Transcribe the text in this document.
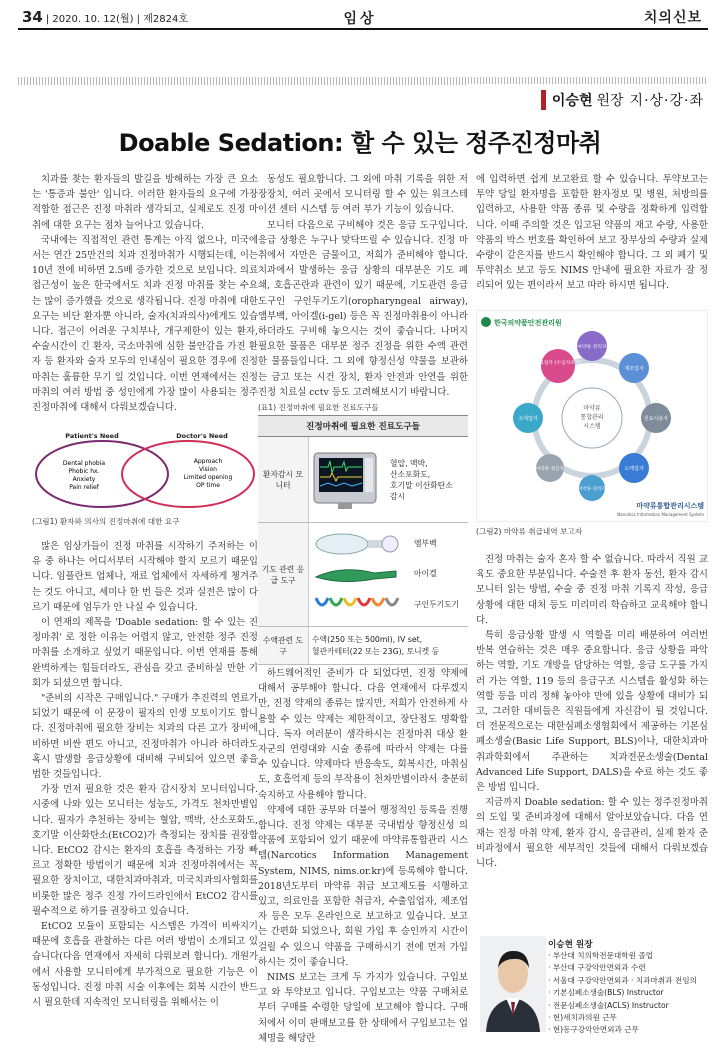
34 | 2020. 10. 12(월) | 제2824호	임상	치의신보
이승현 원장 지·상·강·좌
Doable Sedation: 할 수 있는 정주진정마취

치과를 찾는 환자들의 발길을 방해하는 가장 큰 요소는 '통증과 불안' 입니다. 이러한 환자들의 요구에 가장 적합한 접근은 진정 마취라 생각되고, 실제로도 진정 마취에 대한 요구는 점차 늘어나고 있습니다.

국내에는 직접적인 관련 통계는 아직 없으나, 미국에서는 연간 25만건의 치과 진정마취가 시행되는데, 이는 10년 전에 비하면 2.5배 증가한 것으로 보입니다. 의료 접근성이 높은 한국에서도 치과 진정 마취를 찾는 수요는 많이 증가했을 것으로 생각됩니다. 진정 마취에 대한 요구는 비단 환자뿐 아니라, 술자(치과의사)에게도 있습니다. 접근이 어려운 구치부나, 개구제한이 있는 환자, 수술시간이 긴 환자, 국소마취에 심한 불안감을 가진 환자 등 환자와 술자 모두의 인내심이 필요한 경우에 진정마취는 훌륭한 무기 일 것입니다. 이번 연재에서는 진정 마취의 여러 방법 중 성인에게 가장 많이 사용되는 정주 진정마취에 대해서 다뤄보겠습니다.

Patient's Need	Doctor's Need
Dental phobia
Phobic hx.
Anxiety
Pain relief
Approach
Vision
Limited opening
OP time
(그림1) 환자와 의사의 진정마취에 대한 요구

많은 임상가들이 진정 마취를 시작하기 주저하는 이유 중 하나는 어디서부터 시작해야 할지 모르기 때문입니다. 임플란트 업체나, 재료 업체에서 자세하게 챙겨주는 것도 아니고, 세미나 한 번 들은 것과 실전은 많이 다르기 때문에 엄두가 안 나실 수 있습니다.

이 연재의 제목을 'Doable sedation: 할 수 있는 진정마취' 로 정한 이유는 어렵지 않고, 안전한 정주 진정마취를 소개하고 싶었기 때문입니다. 이번 연재를 통해 완벽하게는 힘들더라도, 관심을 갖고 준비하실 만한 기회가 되셨으면 합니다.

"준비의 시작은 구매입니다." 구매가 추진력의 연료가 되었기 때문에 이 문장이 필자의 인생 모토이기도 합니다. 진정마취에 필요한 장비는 치과의 다른 고가 장비에 비하면 비싼 편도 아니고, 진정마취가 아니라 하더라도 혹시 발생할 응급상황에 대비해 구비되어 있으면 좋을 법한 것들입니다.

가장 먼저 필요한 것은 환자 감시장치 모니터입니다. 시중에 나와 있는 모니터는 성능도, 가격도 천차만별입니다. 필자가 추천하는 장비는 혈압, 맥박, 산소포화도, 호기말 이산화탄소(EtCO2)가 측정되는 장치를 권장합니다. EtCO2 감시는 환자의 호흡을 측정하는 가장 빠르고 정확한 방법이기 때문에 치과 진정마취에서는 꼭 필요한 장치이고, 대한치과마취과, 미국치과의사협회를 비롯한 많은 정주 진정 가이드라인에서 EtCO2 감시를 필수적으로 하기를 권장하고 있습니다.

EtCO2 모듈이 포함되는 시스템은 가격이 비싸지기 때문에 호흡을 관찰하는 다른 여러 방법이 소개되고 있습니다(다음 연재에서 자세히 다뤄보려 합니다). 개원가에서 사용할 모니터에게 부가적으로 필요한 기능은 이동성입니다. 진정 마취 시술 이후에는 회복 시간이 반드시 필요한데 지속적인 모니터링을 위해서는 이

동성도 필요합니다. 그 외에 마취 기록을 위한 저장장치, 여러 곳에서 모니터링 할 수 있는 워크스테이션 센터 시스템 등 여러 부가 기능이 있습니다.

모니터 다음으로 구비해야 것은 응급 도구입니다. 응급 상황은 누구나 맞닥뜨릴 수 있습니다. 진정 마취에서 자만은 금물이고, 저희가 준비해야 합니다. 치과에서 발생하는 응급 상황의 대부분은 기도 폐쇄, 호흡곤란과 관련이 있기 때문에, 기도관련 응급도구인 구인두기도기(oropharyngeal airway), 앰부백, 아이겔(i-gel) 등은 꼭 진정마취용이 아니라 하더라도 구비해 놓으시는 것이 좋습니다. 나머지 필요한 물품은 대부분 정주 진정을 위한 수액 관련한 물품들입니다. 그 외에 향정신성 약물을 보관하는 금고 또는 시건 장치, 환자 안전과 안연을 위한 진정 치료실 cctv 등도 고려해보시기 바랍니다.

(표1) 진정마취에 필요한 진료도구들
진정마취에 필요한 진료도구들	
환자감시 모니터	혈압, 맥박,
산소포화도,
호기말 이산화탄소
감시

기도 관련 응급 도구	앰부백
아이겔
구인두기도기

수액관련 도구	수액(250 또는 500ml), IV set,
혈관카테터(22 또는 23G), 토니켓 등

하드웨어적인 준비가 다 되었다면, 진정 약제에 대해서 공부해야 합니다. 다음 연재에서 다루겠지만, 진정 약제의 종류는 많지만, 저희가 안전하게 사용할 수 있는 약제는 제한적이고, 장단점도 명확합니다. 독자 여러분이 생각하시는 진정마취 대상 환자군의 연령대와 시술 종류에 따라서 약제는 다를 수 있습니다. 약제마다 반응속도, 회복시간, 마취심도, 호흡억제 등의 부작용이 천차만별이라서 충분히 숙지하고 사용해야 합니다.

약제에 대한 공부와 더불어 행정적인 등록을 진행합니다. 진정 약제는 대부분 국내법상 향정신성 의약품에 포함되어 있기 때문에 마약류통합관리 시스템(Narcotics Information Management System, NIMS, nims.or.kr)에 등록해야 합니다. 2018년도부터 마약류 취급 보고제도를 시행하고 있고, 의료인을 포함한 취급자, 수출입업자, 제조업자 등은 모두 온라인으로 보고하고 있습니다. 보고는 간편화 되었으나, 회원 가입 후 승인까지 시간이 걸릴 수 있으니 약품을 구매하시기 전에 먼저 가입 하시는 것이 좋습니다.

NIMS 보고는 크게 두 가지가 있습니다. 구입보고 와 투약보고 입니다. 구입보고는 약품 구매처로부터 구매를 수령한 당일에 보고해야 합니다. 구매처에서 이미 판매보고를 한 상태에서 구입보고는 업체명을 해당란

에 입력하면 쉽게 보고완료 할 수 있습니다. 투약보고는 투약 당일 환자명을 포함한 환자정보 및 병원, 처방의를 입력하고, 사용한 약품 종류 및 수량을 정확하게 입력합니다. 이때 주의할 것은 입고된 약품의 재고 수량, 사용한 약품의 박스 번호를 확인하여 보고 장부상의 수량과 실제 수량이 같은지를 반드시 확인해야 합니다. 그 외 폐기 및 투약취소 보고 등도 NIMS 안내에 필요한 자료가 잘 정리되어 있는 편이라서 보고 따라 하시면 됩니다.

한국의약품안전관리원
마약류
통합관리
시스템
의료업자 (수입자포함)
마약류 관리자
제조업자
소매업자	원료사용자
도매업자
마약류 관리자
마약류 취급자
마약류통합관리시스템
Narcotics Information Management System
(그림2) 마약류 취급내역 보고자

진정 마취는 술자 혼자 할 수 없습니다. 따라서 직원 교육도 중요한 부분입니다. 수술전 후 환자 동선, 환자 감시 모니터 읽는 방법, 수술 중 진정 마취 기록지 작성, 응급상황에 대한 대처 등도 미리미리 학습하고 교육해야 합니다.

특히 응급상황 발생 시 역할을 미리 배분하여 여러번 반복 연습하는 것은 매우 중요합니다. 응급 상황을 파악하는 역할, 기도 개방을 담당하는 역할, 응급 도구를 가지러 가는 역할, 119 등의 응급구조 시스템을 활성화 하는 역할 등을 미리 정해 놓아야 만에 있을 상황에 대비가 되고, 그러한 대비들은 직원들에게 자신감이 될 것입니다. 더 전문적으로는 대한심폐소생협회에서 제공하는 기본심폐소생술(Basic Life Support, BLS)이나, 대한치과마취과학회에서 주관하는 치과전문소생술(Dental Advanced Life Support, DALS)을 수료 하는 것도 좋은 방법 입니다.

지금까지 Doable sedation: 할 수 있는 정주진정마취의 도입 및 준비과정에 대해서 알아보았습니다. 다음 연재는 진정 마취 약제, 환자 감시, 응급관리, 실제 환자 준비과정에서 필요한 세부적인 것들에 대해서 다뤄보겠습니다.

이승현 원장
· 부산대 치의학전문대학원 졸업
· 부산대 구강악안면외과 수련
· 서울대 구강악안면외과 · 치과마취과 전임의
· 기본심폐소생술(BLS) Instructor
· 전문심폐소생술(ACLS) Instructor
· 현)세치과의원 근무
· 현)동구강악안면외과 근무
